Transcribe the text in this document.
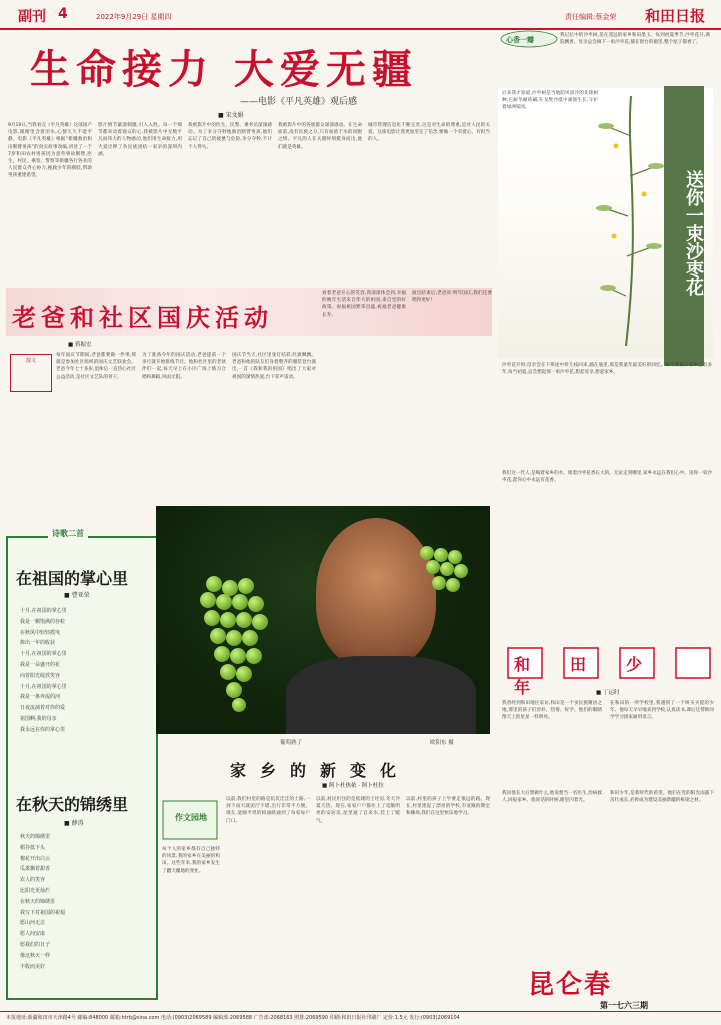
副刊 4	2022年9月29日 星期四	责任编辑:蔡金荣 和田日报
生命接力 大爱无疆
——电影《平凡英雄》观后感
■ 宋文娟
9月19日,当我看完《平凡英雄》这部国产电影,眼睛里含着泪水,心情久久不能平静。电影《平凡英雄》根据“新疆救治和田断臂男孩”的真实故事改编,讲述了一个7岁和田农村男孩因为意外事故断臂,医生、村民、乘客、警察等新疆各行各业的人民群众齐心协力,挽救少年的断肢,帮助男孩重建希望。
影片情节紧凑刺激,引人入胜。每一个细节都牵动着观众的心,我被影片中无数平凡而伟大的人物感动,他们用生命接力,用大爱诠释了各民族团结一家亲的深刻内涵。
我被影片中的医生、民警、乘务员深深感动。为了争分夺秒地救治断臂男孩,他们忘记了自己的疲惫与危险,争分夺秒,不计个人得失。
我被影片中的各族群众深深感动。在生命面前,没有民族之分,只有血浓于水的同胞之情。平凡的人在关键时刻挺身而出,他们就是英雄。
城市管理信息化不断完善,这是对生命的尊重,是对人民的关爱。这部电影让我更加坚定了信念,要做一个有爱心、有担当的人。
心香一瓣
我记忆中的沙枣树,是在遥远的家乡和田墨玉。每到初夏季节,沙枣花开,满院飘香。母亲总会摘下一束沙枣花,插在窗台的瓶里,整个屋子都香了。
后来我才知道,沙枣树是当地防风固沙的先锋树种,它耐旱耐盐碱,在戈壁沙漠中顽强生长,守护着绿洲家园。
送你一束沙枣花
沙枣花开时,母亲会在下班途中折几枝回来,插在瓶里,那是我童年最美好的回忆。如今我离开家乡已有多年,每当初夏,总会想起那一束沙枣花,想起母亲,想起家乡。
我们这一代人,是喝着家乡的水、闻着沙枣花香长大的。无论走到哪里,家乡永远在我们心中。送你一束沙枣花,愿你心中永远有花香。
老爸和社区国庆活动
■ 蒋振宏
散文
每年国庆节期间,老爸都要做一件事,那就是参加社区组织的国庆文艺联欢会。老爸今年七十多岁,退休后一直热心社区公益活动,是社区文艺队的骨干。
为了准备今年的国庆活动,老爸提前一个多月就开始排练节目。他和社区里的老伙伴们一起,每天早上在小区广场上练习合唱和舞蹈,风雨无阻。
国庆节当天,社区里张灯结彩,红旗飘飘。老爸和他的队友们身着整齐的服装登台演出,一首《我和我的祖国》唱出了大家对祖国的深情热爱,台下掌声雷动。
看着老爸开心的笑容,我深深体会到,幸福的晚年生活来自伟大的祖国,来自党的好政策。祝福祖国繁荣昌盛,祝福老爸健康长寿。
演出结束后,老爸说:明年国庆,我们还要唱得更好!
诗歌二首
在祖国的掌心里
■ 曹亚荣
十月,在祖国的掌心里
我是一颗饱满的谷粒
在秋风中轻轻摇曳
捧出一年的收获
十月,在祖国的掌心里
我是一朵盛开的花
向着阳光绽放笑容
十月,在祖国的掌心里
我是一条奔流的河
日夜流淌着对你的爱
祖国啊,我的母亲
我永远在你的掌心里
在秋天的锦绣里
■ 薛涛
秋天的锦绣里
稻谷低下头
棉花开出白云
瓜果飘着甜香
农人的笑容
比阳光更灿烂
在秋天的锦绣里
我写下对祖国的祝福
愿山河无恙
愿人间安康
愿我们的日子
像这秋天一样
丰收而美好
葡萄熟了	欧阳东 摄
家乡的新变化
■ 阿卜杜热依 · 阿卜杜拉
作文园地
每个人的家乡都有自己独特的风景,我的家乡在美丽的和田。这些年来,我的家乡发生了翻天覆地的变化。
以前,我们村里的路是坑坑洼洼的土路,一到下雨天就泥泞不堪,出行非常不方便。现在,宽阔平坦的柏油路通到了每家每户门口。
以前,村民们住的是低矮的土坯房,冬天冷夏天热。现在,家家户户都住上了宽敞明亮的安居房,屋里通了自来水,装上了暖气。
以前,村里的孩子上学要走很远的路。现在,村里建起了漂亮的学校,有宽敞的教室和操场,我们在这里快乐地学习。
和田少年	■ 丁运时
我曾经到和田地区采访,和田是一个多民族聚居之地,那里的孩子们淳朴、热情、好学。他们的眼睛像天上的星星一样明亮。
在和田的一所学校里,我遇到了一个叫买买提的少年。他每天早早地来到学校,认真读书,课后还帮助同学学习国家通用语言。
我问他长大后想做什么,他说想当一名医生,治病救人,回报家乡。他说话的时候,眼里闪着光。
和田少年,是新时代的希望。他们在党的阳光雨露下茁壮成长,必将成为建设美丽新疆的栋梁之材。
昆仑春
第一七六三期
本报地址:新疆和田市天津路4号 邮编:848000 邮箱:htrb@sina.com 电话:(0903)2069589 编辑部:2069588 广告部:2068163 照排:2069590 印刷:和田日报社印刷厂 定价:1.5元 发行:(0903)2069104
